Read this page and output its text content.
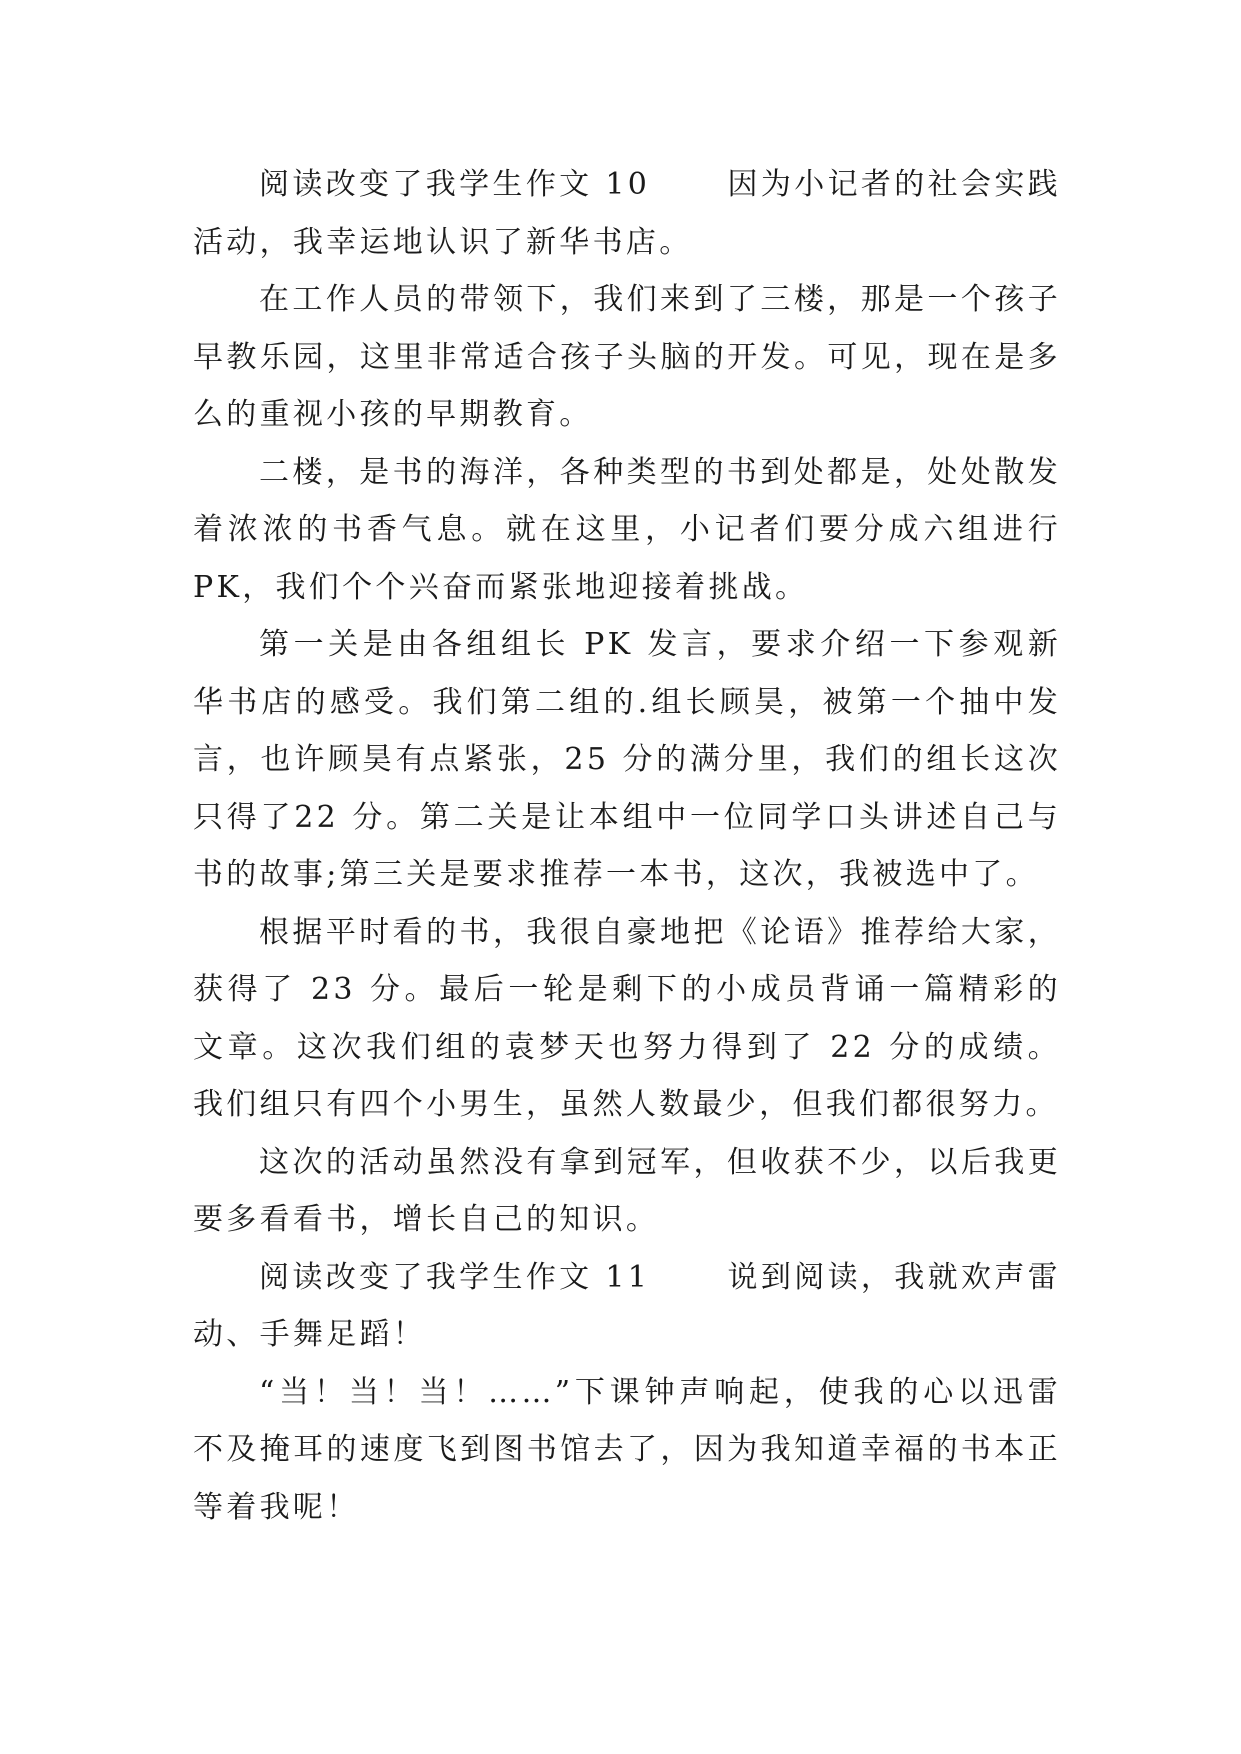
阅读改变了我学生作文 10      因为小记者的社会实践活动，我幸运地认识了新华书店。

在工作人员的带领下，我们来到了三楼，那是一个孩子早教乐园，这里非常适合孩子头脑的开发。可见，现在是多么的重视小孩的早期教育。

二楼，是书的海洋，各种类型的书到处都是，处处散发着浓浓的书香气息。就在这里，小记者们要分成六组进行PK，我们个个兴奋而紧张地迎接着挑战。

第一关是由各组组长 PK 发言，要求介绍一下参观新华书店的感受。我们第二组的.组长顾昊，被第一个抽中发言，也许顾昊有点紧张，25 分的满分里，我们的组长这次只得了22 分。第二关是让本组中一位同学口头讲述自己与书的故事;第三关是要求推荐一本书，这次，我被选中了。

根据平时看的书，我很自豪地把《论语》推荐给大家，获得了 23 分。最后一轮是剩下的小成员背诵一篇精彩的文章。这次我们组的袁梦天也努力得到了 22 分的成绩。我们组只有四个小男生，虽然人数最少，但我们都很努力。

这次的活动虽然没有拿到冠军，但收获不少，以后我更要多看看书，增长自己的知识。

阅读改变了我学生作文 11      说到阅读，我就欢声雷动、手舞足蹈！

“当！当！当！……”下课钟声响起，使我的心以迅雷不及掩耳的速度飞到图书馆去了，因为我知道幸福的书本正等着我呢！
